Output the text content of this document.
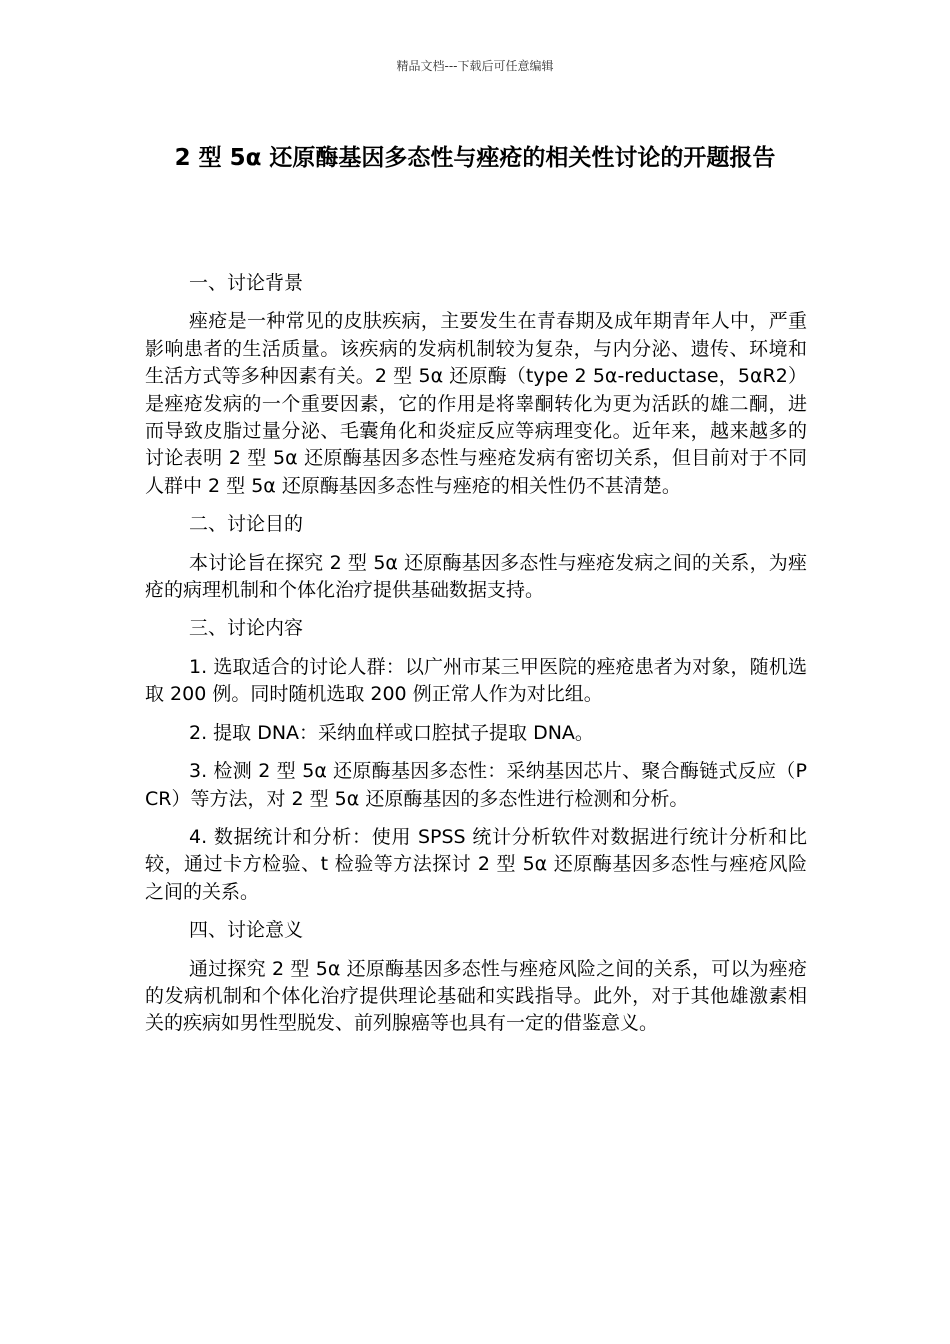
精品文档---下载后可任意编辑
2 型 5α 还原酶基因多态性与痤疮的相关性讨论的开题报告

一、讨论背景

痤疮是一种常见的皮肤疾病，主要发生在青春期及成年期青年人中，严重影响患者的生活质量。该疾病的发病机制较为复杂，与内分泌、遗传、环境和生活方式等多种因素有关。2 型 5α 还原酶（type 2 5α-reductase，5αR2）是痤疮发病的一个重要因素，它的作用是将睾酮转化为更为活跃的雄二酮，进而导致皮脂过量分泌、毛囊角化和炎症反应等病理变化。近年来，越来越多的讨论表明 2 型 5α 还原酶基因多态性与痤疮发病有密切关系，但目前对于不同人群中 2 型 5α 还原酶基因多态性与痤疮的相关性仍不甚清楚。

二、讨论目的

本讨论旨在探究 2 型 5α 还原酶基因多态性与痤疮发病之间的关系，为痤疮的病理机制和个体化治疗提供基础数据支持。

三、讨论内容

1. 选取适合的讨论人群：以广州市某三甲医院的痤疮患者为对象，随机选取 200 例。同时随机选取 200 例正常人作为对比组。

2. 提取 DNA：采纳血样或口腔拭子提取 DNA。

3. 检测 2 型 5α 还原酶基因多态性：采纳基因芯片、聚合酶链式反应（PCR）等方法，对 2 型 5α 还原酶基因的多态性进行检测和分析。

4. 数据统计和分析：使用 SPSS 统计分析软件对数据进行统计分析和比较，通过卡方检验、t 检验等方法探讨 2 型 5α 还原酶基因多态性与痤疮风险之间的关系。

四、讨论意义

通过探究 2 型 5α 还原酶基因多态性与痤疮风险之间的关系，可以为痤疮的发病机制和个体化治疗提供理论基础和实践指导。此外，对于其他雄激素相关的疾病如男性型脱发、前列腺癌等也具有一定的借鉴意义。
